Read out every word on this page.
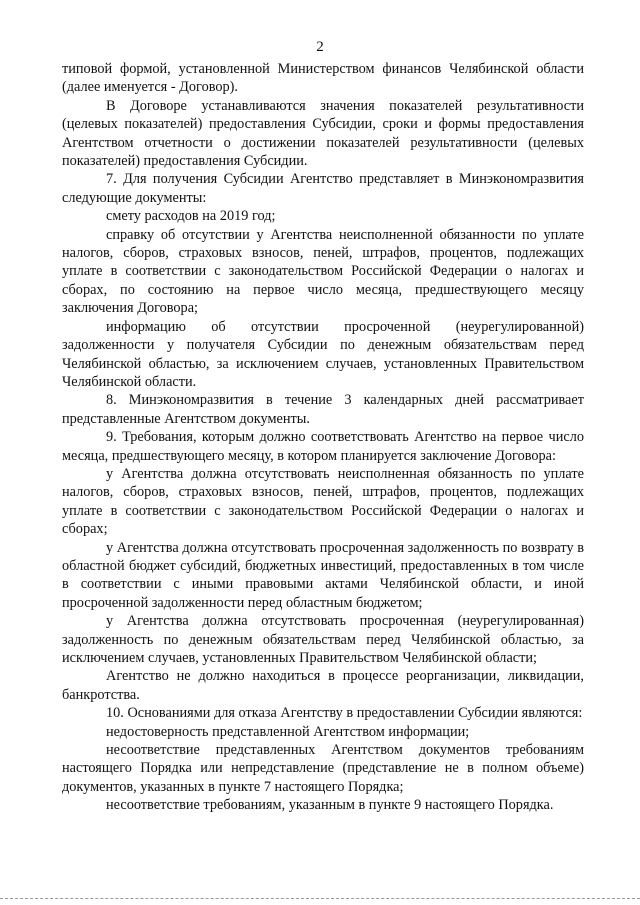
2

типовой формой, установленной Министерством финансов Челябинской области (далее именуется - Договор).

В Договоре устанавливаются значения показателей результативности (целевых показателей) предоставления Субсидии, сроки и формы предоставления Агентством отчетности о достижении показателей результативности (целевых показателей) предоставления Субсидии.

7. Для получения Субсидии Агентство представляет в Минэкономразвития следующие документы:

смету расходов на 2019 год;

справку об отсутствии у Агентства неисполненной обязанности по уплате налогов, сборов, страховых взносов, пеней, штрафов, процентов, подлежащих уплате в соответствии с законодательством Российской Федерации о налогах и сборах, по состоянию на первое число месяца, предшествующего месяцу заключения Договора;

информацию об отсутствии просроченной (неурегулированной) задолженности у получателя Субсидии по денежным обязательствам перед Челябинской областью, за исключением случаев, установленных Правительством Челябинской области.

8. Минэкономразвития в течение 3 календарных дней рассматривает представленные Агентством документы.

9. Требования, которым должно соответствовать Агентство на первое число месяца, предшествующего месяцу, в котором планируется заключение Договора:

у Агентства должна отсутствовать неисполненная обязанность по уплате налогов, сборов, страховых взносов, пеней, штрафов, процентов, подлежащих уплате в соответствии с законодательством Российской Федерации о налогах и сборах;

у Агентства должна отсутствовать просроченная задолженность по возврату в областной бюджет субсидий, бюджетных инвестиций, предоставленных в том числе в соответствии с иными правовыми актами Челябинской области, и иной просроченной задолженности перед областным бюджетом;

у Агентства должна отсутствовать просроченная (неурегулированная) задолженность по денежным обязательствам перед Челябинской областью, за исключением случаев, установленных Правительством Челябинской области;

Агентство не должно находиться в процессе реорганизации, ликвидации, банкротства.

10. Основаниями для отказа Агентству в предоставлении Субсидии являются:

недостоверность представленной Агентством информации;

несоответствие представленных Агентством документов требованиям настоящего Порядка или непредставление (представление не в полном объеме) документов, указанных в пункте 7 настоящего Порядка;

несоответствие требованиям, указанным в пункте 9 настоящего Порядка.
